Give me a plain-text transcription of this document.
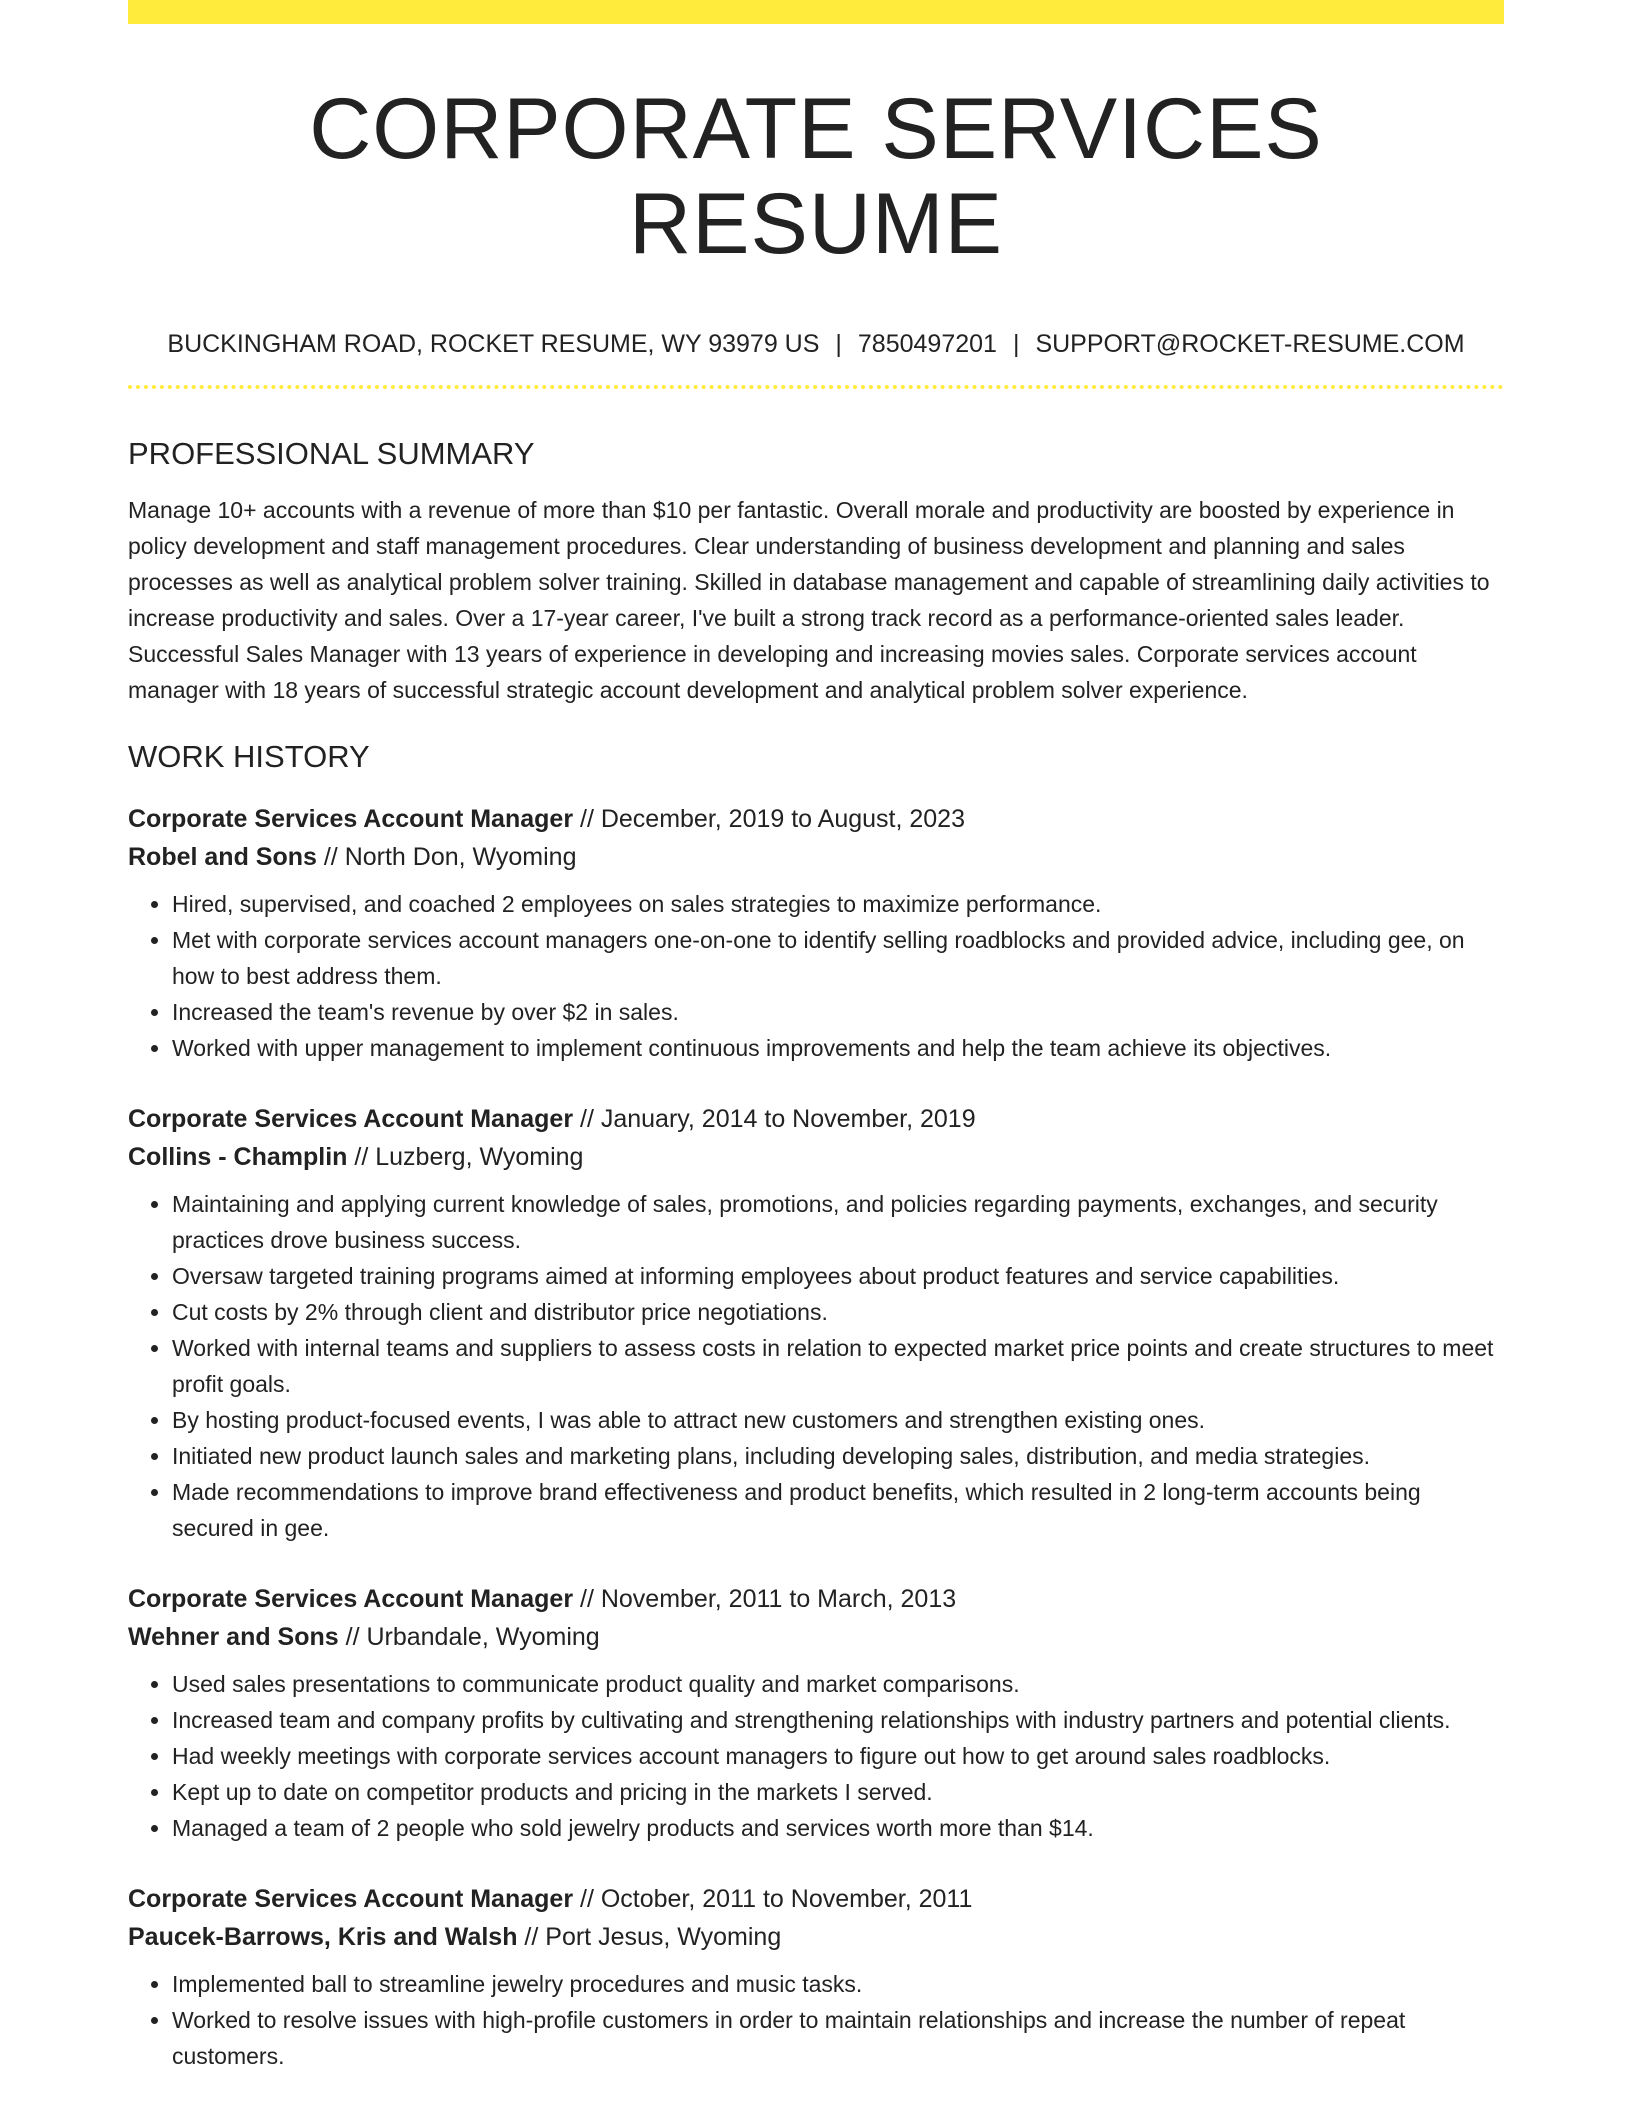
CORPORATE SERVICES RESUME
BUCKINGHAM ROAD, ROCKET RESUME, WY 93979 US | 7850497201 | SUPPORT@ROCKET-RESUME.COM
PROFESSIONAL SUMMARY
Manage 10+ accounts with a revenue of more than $10 per fantastic. Overall morale and productivity are boosted by experience in policy development and staff management procedures. Clear understanding of business development and planning and sales processes as well as analytical problem solver training. Skilled in database management and capable of streamlining daily activities to increase productivity and sales. Over a 17-year career, I've built a strong track record as a performance-oriented sales leader. Successful Sales Manager with 13 years of experience in developing and increasing movies sales. Corporate services account manager with 18 years of successful strategic account development and analytical problem solver experience.
WORK HISTORY
Corporate Services Account Manager // December, 2019 to August, 2023
Robel and Sons // North Don, Wyoming
• Hired, supervised, and coached 2 employees on sales strategies to maximize performance.
• Met with corporate services account managers one-on-one to identify selling roadblocks and provided advice, including gee, on how to best address them.
• Increased the team's revenue by over $2 in sales.
• Worked with upper management to implement continuous improvements and help the team achieve its objectives.
Corporate Services Account Manager // January, 2014 to November, 2019
Collins - Champlin // Luzberg, Wyoming
• Maintaining and applying current knowledge of sales, promotions, and policies regarding payments, exchanges, and security practices drove business success.
• Oversaw targeted training programs aimed at informing employees about product features and service capabilities.
• Cut costs by 2% through client and distributor price negotiations.
• Worked with internal teams and suppliers to assess costs in relation to expected market price points and create structures to meet profit goals.
• By hosting product-focused events, I was able to attract new customers and strengthen existing ones.
• Initiated new product launch sales and marketing plans, including developing sales, distribution, and media strategies.
• Made recommendations to improve brand effectiveness and product benefits, which resulted in 2 long-term accounts being secured in gee.
Corporate Services Account Manager // November, 2011 to March, 2013
Wehner and Sons // Urbandale, Wyoming
• Used sales presentations to communicate product quality and market comparisons.
• Increased team and company profits by cultivating and strengthening relationships with industry partners and potential clients.
• Had weekly meetings with corporate services account managers to figure out how to get around sales roadblocks.
• Kept up to date on competitor products and pricing in the markets I served.
• Managed a team of 2 people who sold jewelry products and services worth more than $14.
Corporate Services Account Manager // October, 2011 to November, 2011
Paucek-Barrows, Kris and Walsh // Port Jesus, Wyoming
• Implemented ball to streamline jewelry procedures and music tasks.
• Worked to resolve issues with high-profile customers in order to maintain relationships and increase the number of repeat customers.
